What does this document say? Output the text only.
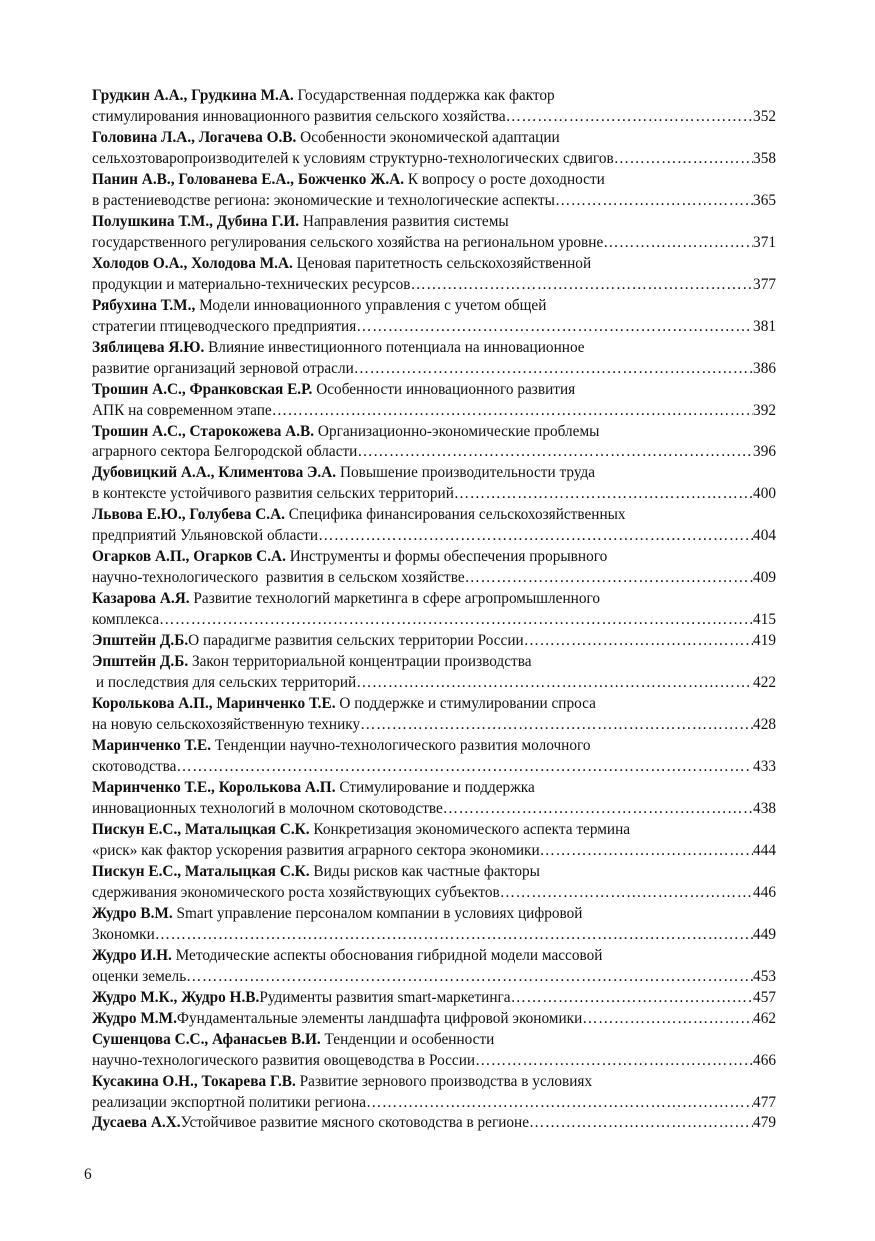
Грудкин А.А., Грудкина М.А. Государственная поддержка как фактор
стимулирования инновационного развития сельского хозяйства …………………………………………………………………………………………………………………………………………………………………………………………	352
Головина Л.А., Логачева О.В. Особенности экономической адаптации
сельхозтоваропроизводителей к условиям структурно-технологических сдвигов …………………………………………………………………………………………………………………………………………………………………………………………	358
Панин А.В., Голованева Е.А., Божченко Ж.А. К вопросу о росте доходности
в растениеводстве региона: экономические и технологические аспекты …………………………………………………………………………………………………………………………………………………………………………………………	365
Полушкина Т.М., Дубина Г.И. Направления развития системы
государственного регулирования сельского хозяйства на региональном уровне …………………………………………………………………………………………………………………………………………………………………………………………	371
Холодов О.А., Холодова М.А. Ценовая паритетность сельскохозяйственной
продукции и материально-технических ресурсов …………………………………………………………………………………………………………………………………………………………………………………………	377
Рябухина Т.М., Модели инновационного управления с учетом общей
стратегии птицеводческого предприятия …………………………………………………………………………………………………………………………………………………………………………………………	381
Зяблицева Я.Ю. Влияние инвестиционного потенциала на инновационное
развитие организаций зерновой отрасли …………………………………………………………………………………………………………………………………………………………………………………………	386
Трошин А.С., Франковская Е.Р. Особенности инновационного развития
АПК на современном этапе …………………………………………………………………………………………………………………………………………………………………………………………	392
Трошин А.С., Старокожева А.В. Организационно-экономические проблемы
аграрного сектора Белгородской области …………………………………………………………………………………………………………………………………………………………………………………………	396
Дубовицкий А.А., Климентова Э.А. Повышение производительности труда
в контексте устойчивого развития сельских территорий …………………………………………………………………………………………………………………………………………………………………………………………	400
Львова Е.Ю., Голубева С.А. Специфика финансирования сельскохозяйственных
предприятий Ульяновской области …………………………………………………………………………………………………………………………………………………………………………………………	404
Огарков А.П., Огарков С.А. Инструменты и формы обеспечения прорывного
научно-технологического  развития в сельском хозяйстве …………………………………………………………………………………………………………………………………………………………………………………………	409
Казарова А.Я. Развитие технологий маркетинга в сфере агропромышленного
комплекса …………………………………………………………………………………………………………………………………………………………………………………………	415
Эпштейн Д.Б. О парадигме развития сельских территории России …………………………………………………………………………………………………………………………………………………………………………………………	419
Эпштейн Д.Б. Закон территориальной концентрации производства
и последствия для сельских территорий …………………………………………………………………………………………………………………………………………………………………………………………	422
Королькова А.П., Маринченко Т.Е. О поддержке и стимулировании спроса
на новую сельскохозяйственную технику …………………………………………………………………………………………………………………………………………………………………………………………	428
Маринченко Т.Е. Тенденции научно-технологического развития молочного
скотоводства …………………………………………………………………………………………………………………………………………………………………………………………	433
Маринченко Т.Е., Королькова А.П. Стимулирование и поддержка
инновационных технологий в молочном скотоводстве …………………………………………………………………………………………………………………………………………………………………………………………	438
Пискун Е.С., Маталыцкая С.К. Конкретизация экономического аспекта термина
«риск» как фактор ускорения развития аграрного сектора экономики …………………………………………………………………………………………………………………………………………………………………………………………	444
Пискун Е.С., Маталыцкая С.К. Виды рисков как частные факторы
сдерживания экономического роста хозяйствующих субъектов …………………………………………………………………………………………………………………………………………………………………………………………	446
Жудро В.М. Smart управление персоналом компании в условиях цифровой
3кономки …………………………………………………………………………………………………………………………………………………………………………………………	449
Жудро И.Н. Методические аспекты обоснования гибридной модели массовой
оценки земель …………………………………………………………………………………………………………………………………………………………………………………………	453
Жудро М.К., Жудро Н.В. Рудименты развития smart-маркетинга …………………………………………………………………………………………………………………………………………………………………………………………	457
Жудро М.М. Фундаментальные элементы ландшафта цифровой экономики …………………………………………………………………………………………………………………………………………………………………………………………	462
Сушенцова С.С., Афанасьев В.И. Тенденции и особенности
научно-технологического развития овощеводства в России …………………………………………………………………………………………………………………………………………………………………………………………	466
Кусакина О.Н., Токарева Г.В. Развитие зернового производства в условиях
реализации экспортной политики региона …………………………………………………………………………………………………………………………………………………………………………………………	477
Дусаева А.Х. Устойчивое развитие мясного скотоводства в регионе …………………………………………………………………………………………………………………………………………………………………………………………	479
6
